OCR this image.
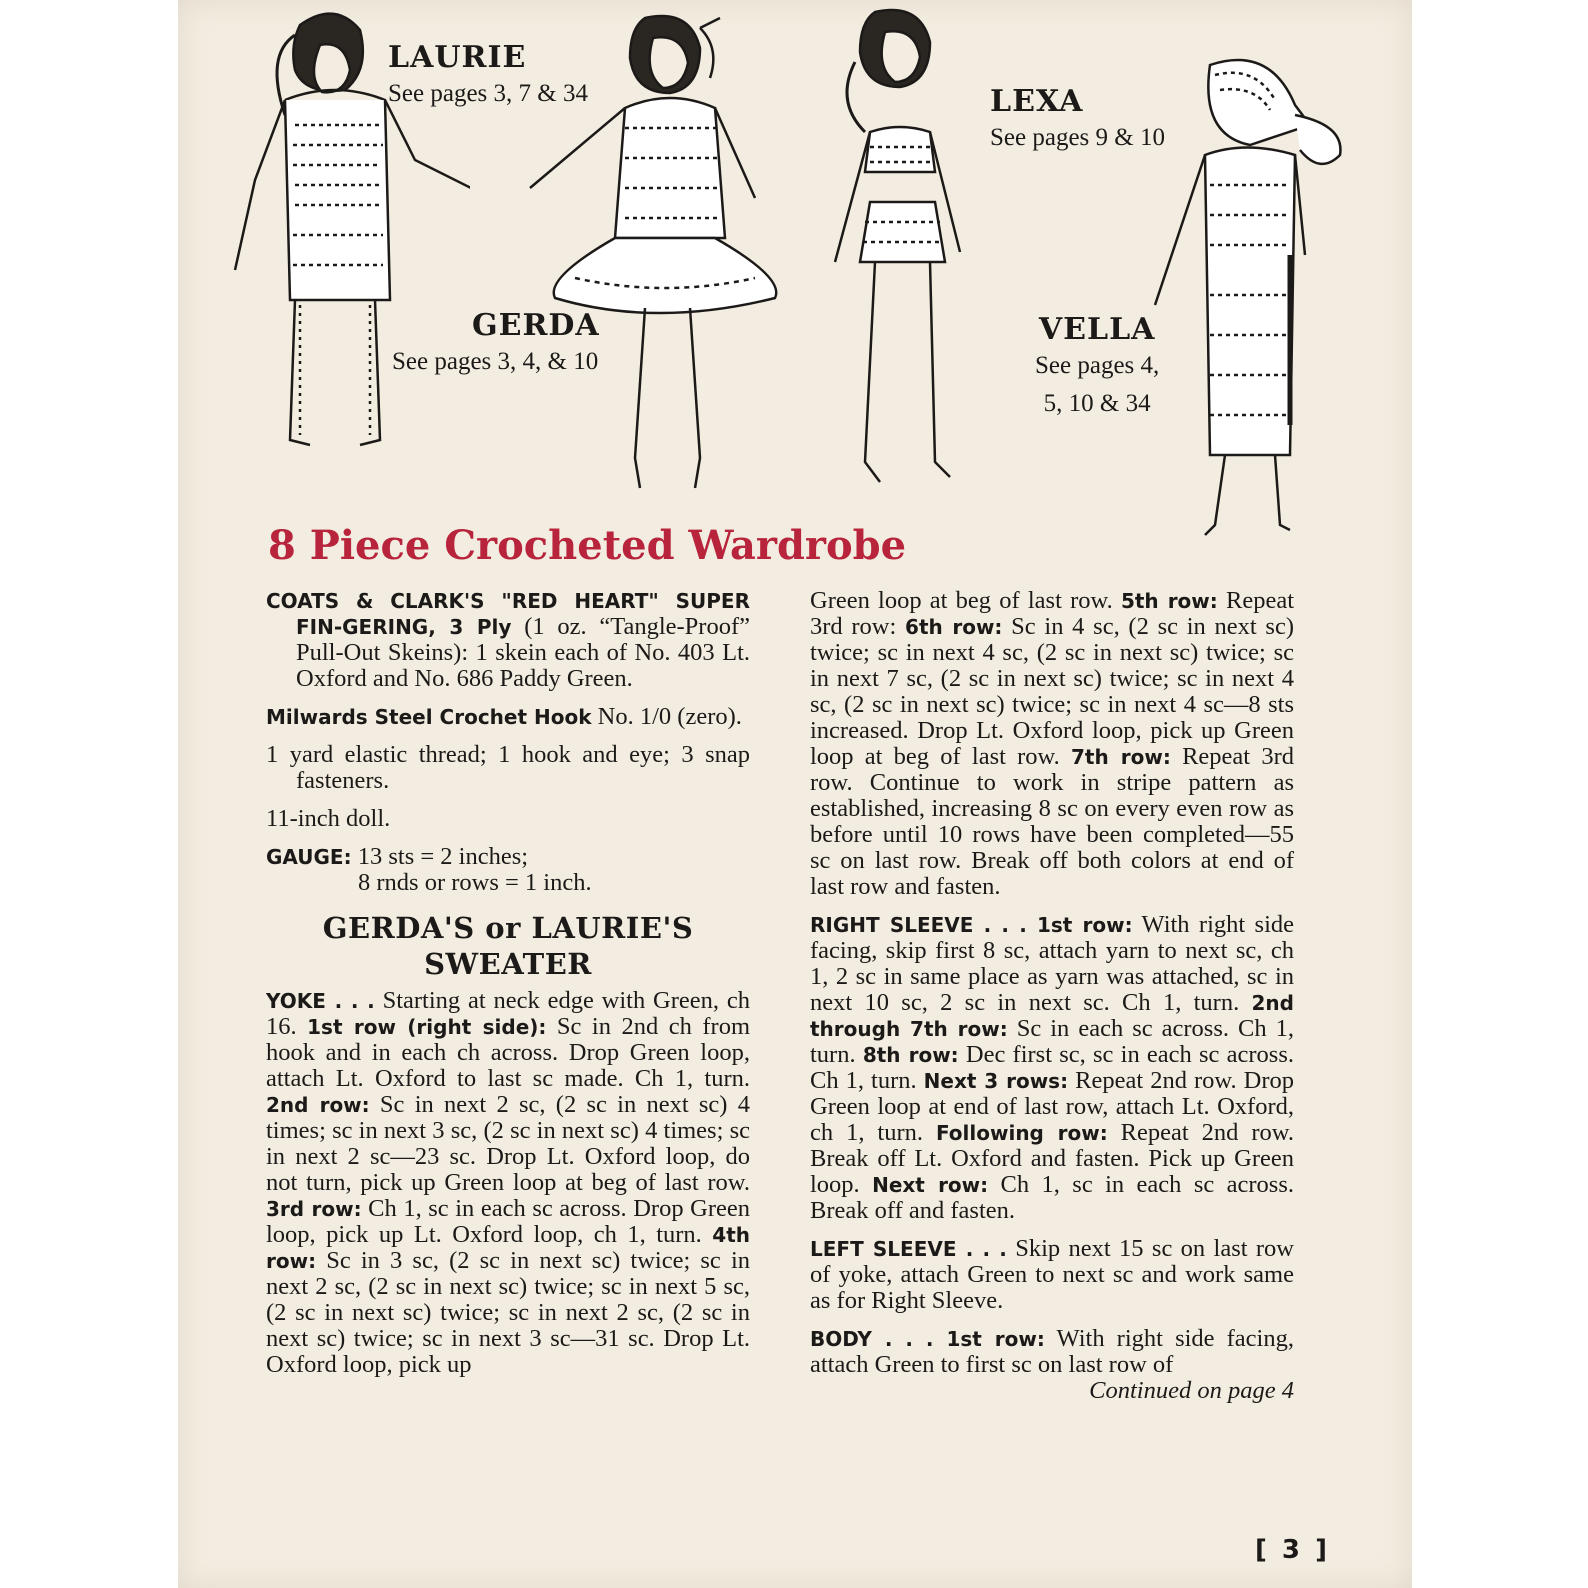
LAURIE
See pages 3, 7 & 34
GERDA
See pages 3, 4, & 10
LEXA
See pages 9 & 10
VELLA
See pages 4,
5, 10 & 34
8 Piece Crocheted Wardrobe

COATS & CLARK'S "RED HEART" SUPER FIN-GERING, 3 Ply (1 oz. “Tangle-Proof” Pull-Out Skeins): 1 skein each of No. 403 Lt. Oxford and No. 686 Paddy Green.

Milwards Steel Crochet Hook No. 1/0 (zero).

1 yard elastic thread; 1 hook and eye; 3 snap fasteners.

11-inch doll.

GAUGE: 13 sts = 2 inches;
8 rnds or rows = 1 inch.

GERDA'S or LAURIE'S
SWEATER

YOKE . . . Starting at neck edge with Green, ch 16. 1st row (right side): Sc in 2nd ch from hook and in each ch across. Drop Green loop, attach Lt. Oxford to last sc made. Ch 1, turn. 2nd row: Sc in next 2 sc, (2 sc in next sc) 4 times; sc in next 3 sc, (2 sc in next sc) 4 times; sc in next 2 sc—23 sc. Drop Lt. Oxford loop, do not turn, pick up Green loop at beg of last row. 3rd row: Ch 1, sc in each sc across. Drop Green loop, pick up Lt. Oxford loop, ch 1, turn. 4th row: Sc in 3 sc, (2 sc in next sc) twice; sc in next 2 sc, (2 sc in next sc) twice; sc in next 5 sc, (2 sc in next sc) twice; sc in next 2 sc, (2 sc in next sc) twice; sc in next 3 sc—31 sc. Drop Lt. Oxford loop, pick up

Green loop at beg of last row. 5th row: Repeat 3rd row: 6th row: Sc in 4 sc, (2 sc in next sc) twice; sc in next 4 sc, (2 sc in next sc) twice; sc in next 7 sc, (2 sc in next sc) twice; sc in next 4 sc, (2 sc in next sc) twice; sc in next 4 sc—8 sts increased. Drop Lt. Oxford loop, pick up Green loop at beg of last row. 7th row: Repeat 3rd row. Continue to work in stripe pattern as established, increasing 8 sc on every even row as before until 10 rows have been completed—55 sc on last row. Break off both colors at end of last row and fasten.

RIGHT SLEEVE . . . 1st row: With right side facing, skip first 8 sc, attach yarn to next sc, ch 1, 2 sc in same place as yarn was attached, sc in next 10 sc, 2 sc in next sc. Ch 1, turn. 2nd through 7th row: Sc in each sc across. Ch 1, turn. 8th row: Dec first sc, sc in each sc across. Ch 1, turn. Next 3 rows: Repeat 2nd row. Drop Green loop at end of last row, attach Lt. Oxford, ch 1, turn. Following row: Repeat 2nd row. Break off Lt. Oxford and fasten. Pick up Green loop. Next row: Ch 1, sc in each sc across. Break off and fasten.

LEFT SLEEVE . . . Skip next 15 sc on last row of yoke, attach Green to next sc and work same as for Right Sleeve.

BODY . . . 1st row: With right side facing, attach Green to first sc on last row of

Continued on page 4
[ 3 ]
